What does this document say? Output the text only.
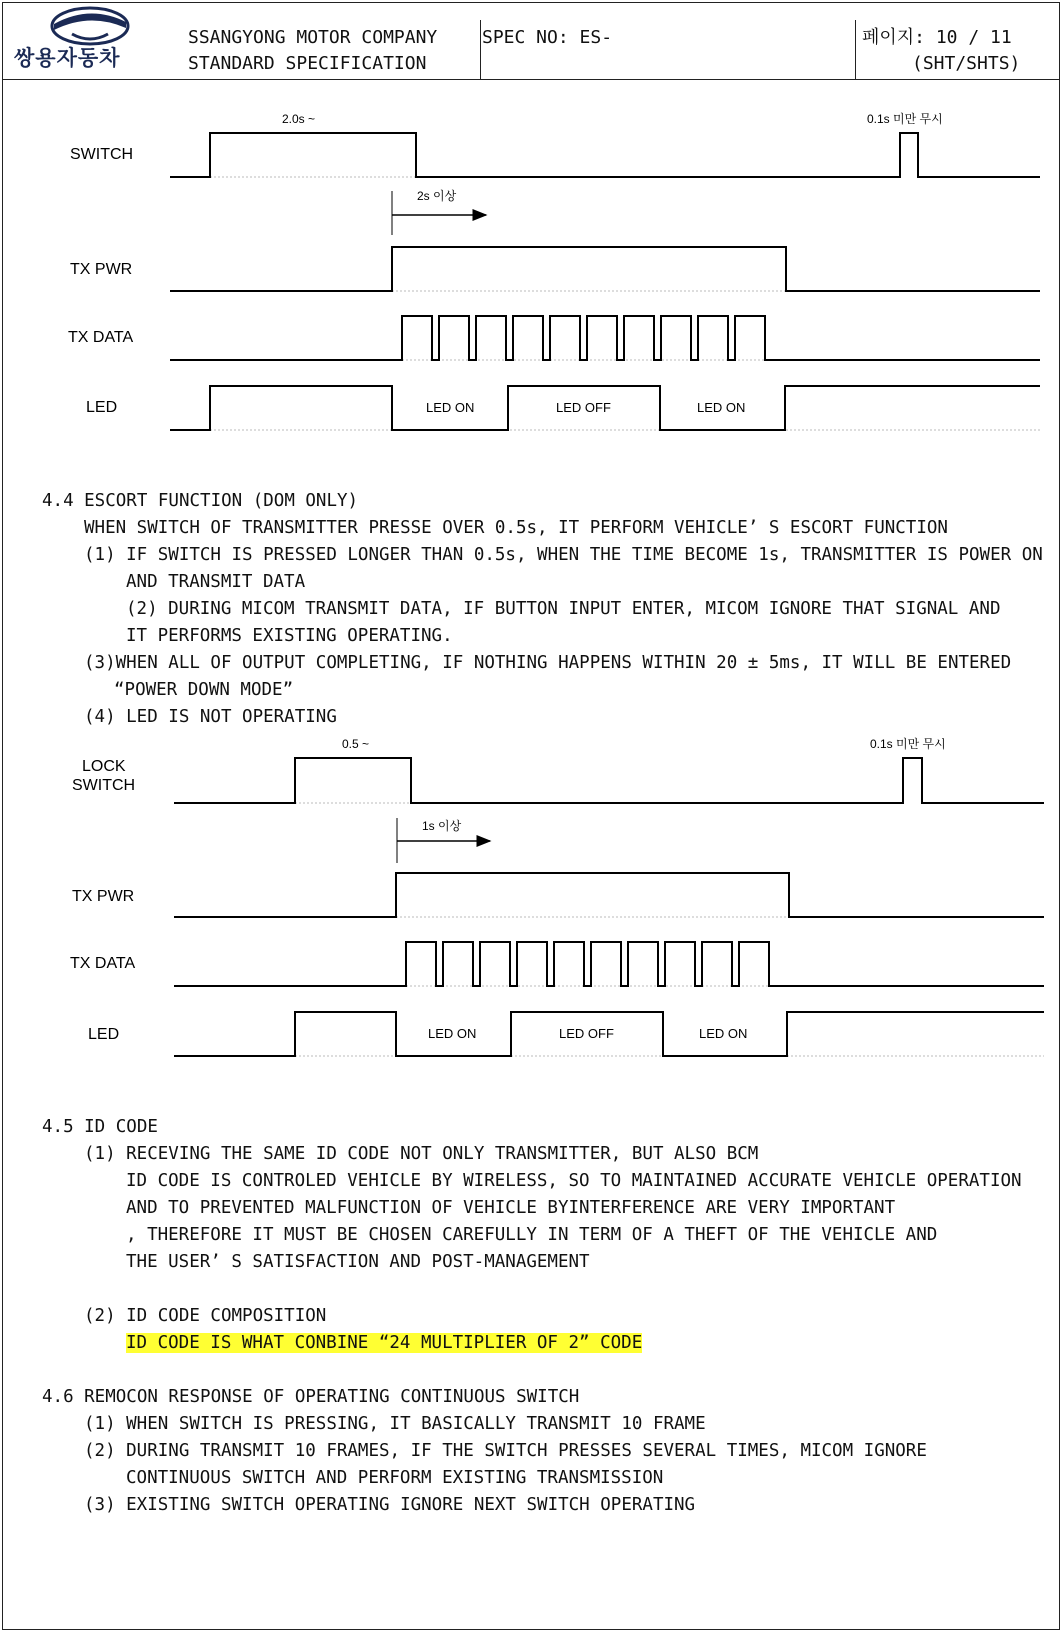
쌍용자동차
SSANGYONG MOTOR COMPANY
STANDARD SPECIFICATION
SPEC NO: ES-	페이지: 10 / 11
(SHT/SHTS)
SWITCH
TX PWR
TX DATA
LED
2.0s ~	0.1s 미만 무시
2s 이상
LED ON	LED OFF	LED ON
4.4 ESCORT FUNCTION (DOM ONLY)
WHEN SWITCH OF TRANSMITTER PRESSE OVER 0.5s, IT PERFORM VEHICLE’ S ESCORT FUNCTION
(1) IF SWITCH IS PRESSED LONGER THAN 0.5s, WHEN THE TIME BECOME 1s, TRANSMITTER IS POWER ON
AND TRANSMIT DATA
(2) DURING MICOM TRANSMIT DATA, IF BUTTON INPUT ENTER, MICOM IGNORE THAT SIGNAL AND
IT PERFORMS EXISTING OPERATING.
(3)WHEN ALL OF OUTPUT COMPLETING, IF NOTHING HAPPENS WITHIN 20 ± 5ms, IT WILL BE ENTERED
“POWER DOWN MODE”
(4) LED IS NOT OPERATING
LOCK
SWITCH
TX PWR
TX DATA
LED
0.5 ~	0.1s 미만 무시
1s 이상
LED ON	LED OFF	LED ON
4.5 ID CODE
(1) RECEVING THE SAME ID CODE NOT ONLY TRANSMITTER, BUT ALSO BCM
ID CODE IS CONTROLED VEHICLE BY WIRELESS, SO TO MAINTAINED ACCURATE VEHICLE OPERATION
AND TO PREVENTED MALFUNCTION OF VEHICLE BYINTERFERENCE ARE VERY IMPORTANT
, THEREFORE IT MUST BE CHOSEN CAREFULLY IN TERM OF A THEFT OF THE VEHICLE AND
THE USER’ S SATISFACTION AND POST-MANAGEMENT
(2) ID CODE COMPOSITION
ID CODE IS WHAT CONBINE “24 MULTIPLIER OF 2” CODE
4.6 REMOCON RESPONSE OF OPERATING CONTINUOUS SWITCH
(1) WHEN SWITCH IS PRESSING, IT BASICALLY TRANSMIT 10 FRAME
(2) DURING TRANSMIT 10 FRAMES, IF THE SWITCH PRESSES SEVERAL TIMES, MICOM IGNORE
CONTINUOUS SWITCH AND PERFORM EXISTING TRANSMISSION
(3) EXISTING SWITCH OPERATING IGNORE NEXT SWITCH OPERATING
